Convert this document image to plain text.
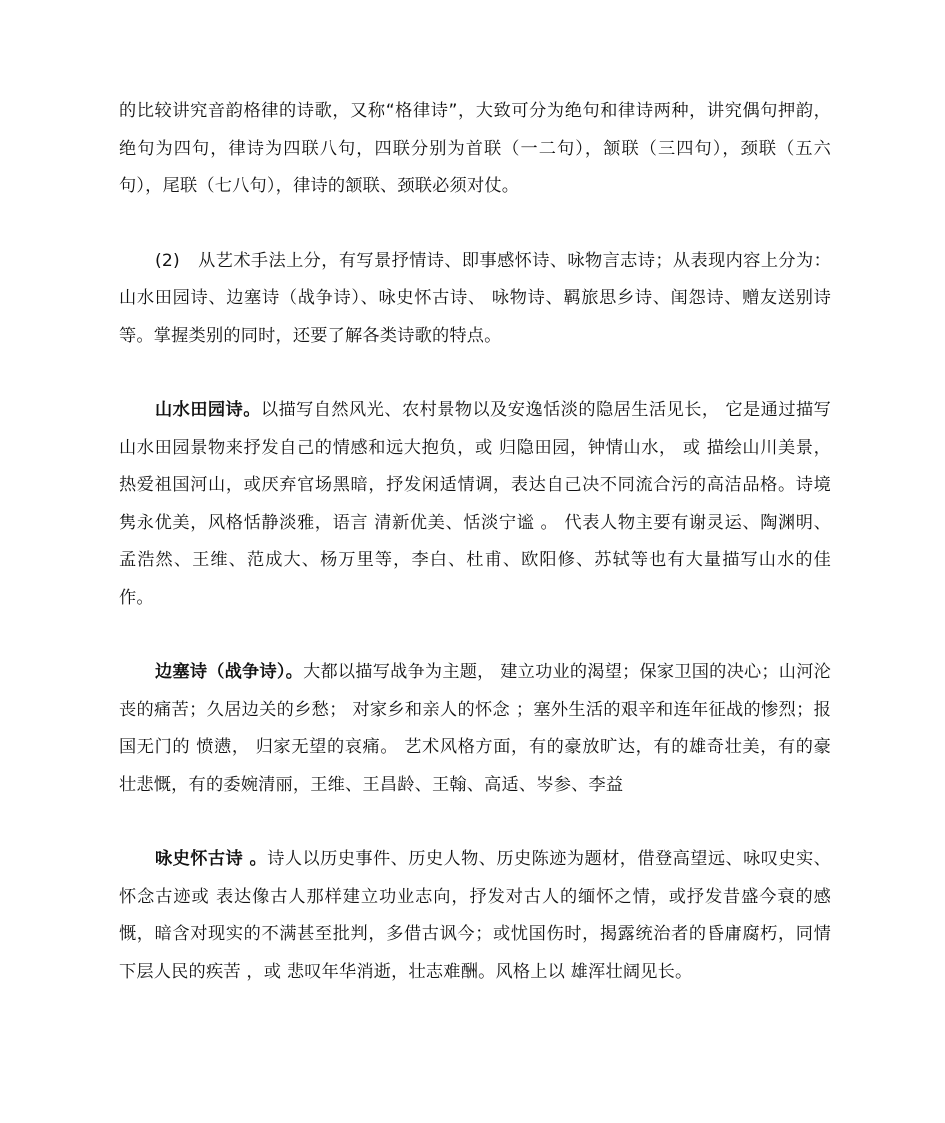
的比较讲究音韵格律的诗歌，又称“格律诗”，大致可分为绝句和律诗两种，讲究偶句押韵，绝句为四句，律诗为四联八句，四联分别为首联（一二句），颔联（三四句），颈联（五六句），尾联（七八句），律诗的颔联、颈联必须对仗。

(2) 从艺术手法上分，有写景抒情诗、即事感怀诗、咏物言志诗；从表现内容上分为：山水田园诗、边塞诗（战争诗）、咏史怀古诗、 咏物诗、羁旅思乡诗、闺怨诗、赠友送别诗等。掌握类别的同时，还要了解各类诗歌的特点。

山水田园诗。以描写自然风光、农村景物以及安逸恬淡的隐居生活见长， 它是通过描写山水田园景物来抒发自己的情感和远大抱负，或 归隐田园，钟情山水， 或 描绘山川美景，热爱祖国河山，或厌弃官场黑暗，抒发闲适情调，表达自己决不同流合污的高洁品格。诗境隽永优美，风格恬静淡雅，语言 清新优美、恬淡宁谧 。 代表人物主要有谢灵运、陶渊明、孟浩然、王维、范成大、杨万里等，李白、杜甫、欧阳修、苏轼等也有大量描写山水的佳作。

边塞诗（战争诗）。大都以描写战争为主题， 建立功业的渴望；保家卫国的决心；山河沦丧的痛苦；久居边关的乡愁； 对家乡和亲人的怀念 ；塞外生活的艰辛和连年征战的惨烈；报国无门的 愤懑， 归家无望的哀痛。 艺术风格方面，有的豪放旷达，有的雄奇壮美，有的豪壮悲慨，有的委婉清丽，王维、王昌龄、王翰、高适、岑参、李益

咏史怀古诗 。诗人以历史事件、历史人物、历史陈迹为题材，借登高望远、咏叹史实、怀念古迹或 表达像古人那样建立功业志向，抒发对古人的缅怀之情，或抒发昔盛今衰的感慨，暗含对现实的不满甚至批判，多借古讽今；或忧国伤时，揭露统治者的昏庸腐朽，同情下层人民的疾苦 ，或 悲叹年华消逝，壮志难酬。风格上以 雄浑壮阔见长。
